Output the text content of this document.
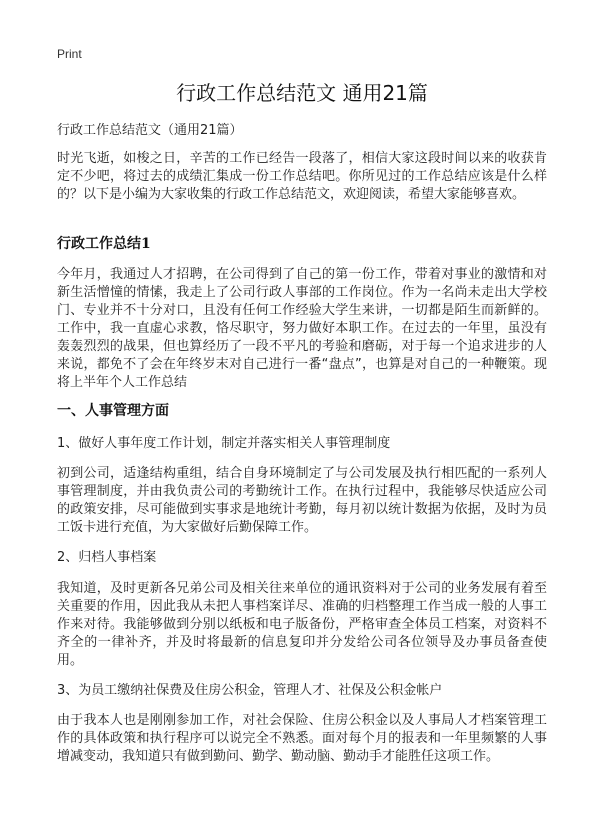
Print
行政工作总结范文 通用21篇

行政工作总结范文（通用21篇）

时光飞逝，如梭之日，辛苦的工作已经告一段落了，相信大家这段时间以来的收获肯定不少吧，将过去的成绩汇集成一份工作总结吧。你所见过的工作总结应该是什么样的？以下是小编为大家收集的行政工作总结范文，欢迎阅读，希望大家能够喜欢。

行政工作总结1

今年月，我通过人才招聘，在公司得到了自己的第一份工作，带着对事业的激情和对新生活憎憧的情愫，我走上了公司行政人事部的工作岗位。作为一名尚未走出大学校门、专业并不十分对口，且没有任何工作经验大学生来讲，一切都是陌生而新鲜的。工作中，我一直虚心求教，恪尽职守，努力做好本职工作。在过去的一年里，虽没有轰轰烈烈的战果，但也算经历了一段不平凡的考验和磨砺，对于每一个追求进步的人来说，都免不了会在年终岁末对自己进行一番“盘点”，也算是对自己的一种鞭策。现将上半年个人工作总结

一、人事管理方面

1、做好人事年度工作计划，制定并落实相关人事管理制度

初到公司，适逢结构重组，结合自身环境制定了与公司发展及执行相匹配的一系列人事管理制度，并由我负责公司的考勤统计工作。在执行过程中，我能够尽快适应公司的政策安排，尽可能做到实事求是地统计考勤，每月初以统计数据为依据，及时为员工饭卡进行充值，为大家做好后勤保障工作。

2、归档人事档案

我知道，及时更新各兄弟公司及相关往来单位的通讯资料对于公司的业务发展有着至关重要的作用，因此我从未把人事档案详尽、准确的归档整理工作当成一般的人事工作来对待。我能够做到分别以纸板和电子版备份，严格审查全体员工档案，对资料不齐全的一律补齐，并及时将最新的信息复印并分发给公司各位领导及办事员备查使用。

3、为员工缴纳社保费及住房公积金，管理人才、社保及公积金帐户

由于我本人也是刚刚参加工作，对社会保险、住房公积金以及人事局人才档案管理工作的具体政策和执行程序可以说完全不熟悉。面对每个月的报表和一年里频繁的人事增减变动，我知道只有做到勤问、勤学、勤动脑、勤动手才能胜任这项工作。
